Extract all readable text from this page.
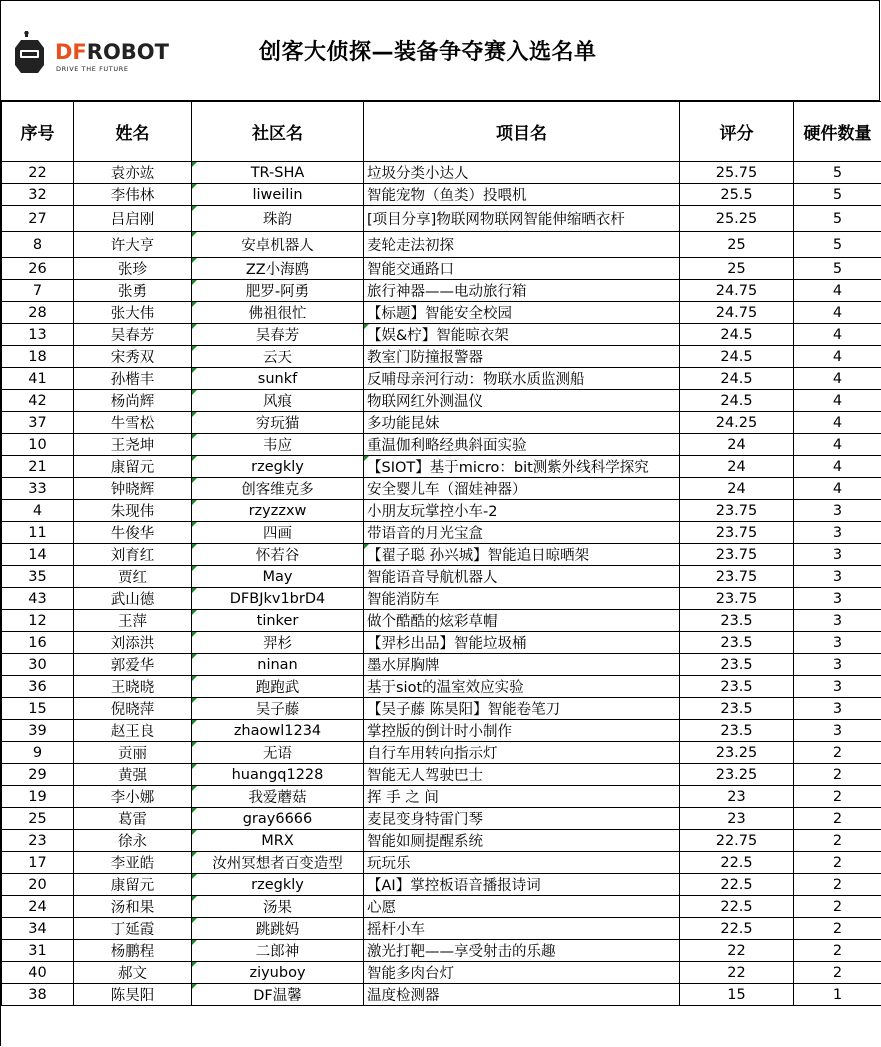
DFROBOT
DRIVE THE FUTURE
创客大侦探—装备争夺赛入选名单
序号	姓名	社区名	项目名	评分	硬件数量
22	袁亦竑	TR-SHA	垃圾分类小达人	25.75	5
32	李伟林	liweilin	智能宠物（鱼类）投喂机	25.5	5
27	吕启刚	珠韵	[项目分享]物联网物联网智能伸缩晒衣杆	25.25	5
8	许大亨	安卓机器人	麦轮走法初探	25	5
26	张珍	ZZ小海鸥	智能交通路口	25	5
7	张勇	肥罗-阿勇	旅行神器——电动旅行箱	24.75	4
28	张大伟	佛祖很忙	【标题】智能安全校园	24.75	4
13	吴春芳	吴春芳	【娱&柠】智能晾衣架	24.5	4
18	宋秀双	云天	教室门防撞报警器	24.5	4
41	孙楷丰	sunkf	反哺母亲河行动：物联水质监测船	24.5	4
42	杨尚辉	风痕	物联网红外测温仪	24.5	4
37	牛雪松	穷玩猫	多功能昆妹	24.25	4
10	王尧坤	韦应	重温伽利略经典斜面实验	24	4
21	康留元	rzegkly	【SIOT】基于micro：bit测紫外线科学探究	24	4
33	钟晓辉	创客维克多	安全婴儿车（溜娃神器）	24	4
4	朱现伟	rzyzzxw	小朋友玩掌控小车-2	23.75	3
11	牛俊华	四画	带语音的月光宝盒	23.75	3
14	刘育红	怀若谷	【翟子聪 孙兴城】智能追日晾晒架	23.75	3
35	贾红	May	智能语音导航机器人	23.75	3
43	武山德	DFBJkv1brD4	智能消防车	23.75	3
12	王萍	tinker	做个酷酷的炫彩草帽	23.5	3
16	刘添洪	羿杉	【羿杉出品】智能垃圾桶	23.5	3
30	郭爱华	ninan	墨水屏胸牌	23.5	3
36	王晓晓	跑跑武	基于siot的温室效应实验	23.5	3
15	倪晓萍	吴子藤	【吴子藤 陈昊阳】智能卷笔刀	23.5	3
39	赵王良	zhaowl1234	掌控版的倒计时小制作	23.5	3
9	贡丽	无语	自行车用转向指示灯	23.25	2
29	黄强	huangq1228	智能无人驾驶巴士	23.25	2
19	李小娜	我爱蘑菇	挥 手 之 间	23	2
25	葛雷	gray6666	麦昆变身特雷门琴	23	2
23	徐永	MRX	智能如厕提醒系统	22.75	2
17	李亚皓	汝州冥想者百变造型	玩玩乐	22.5	2
20	康留元	rzegkly	【AI】掌控板语音播报诗词	22.5	2
24	汤和果	汤果	心愿	22.5	2
34	丁延霞	跳跳妈	摇杆小车	22.5	2
31	杨鹏程	二郎神	激光打靶——享受射击的乐趣	22	2
40	郝文	ziyuboy	智能多肉台灯	22	2
38	陈昊阳	DF温馨	温度检测器	15	1
